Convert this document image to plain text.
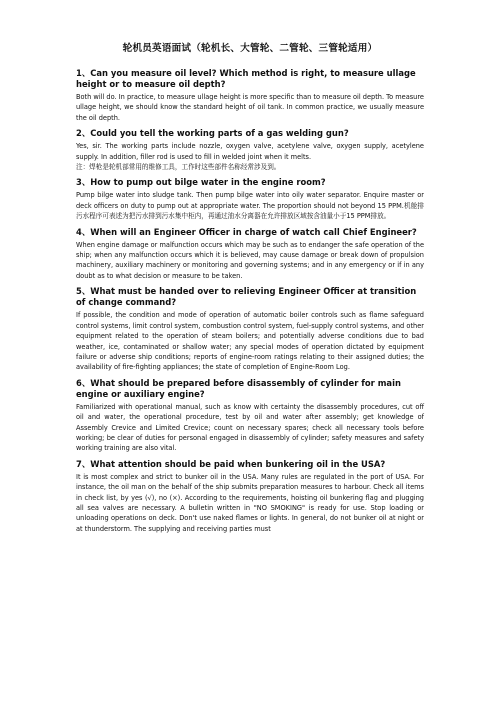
轮机员英语面试（轮机长、大管轮、二管轮、三管轮适用）
1、Can you measure oil level? Which method is right, to measure ullage height or to measure oil depth?
Both will do. In practice, to measure ullage height is more specific than to measure oil depth. To measure ullage height, we should know the standard height of oil tank. In common practice, we usually measure the oil depth.
2、Could you tell the working parts of a gas welding gun?
Yes, sir. The working parts include nozzle, oxygen valve, acetylene valve, oxygen supply, acetylene supply. In addition, filler rod is used to fill in welded joint when it melts.
注：焊枪是轮机部常用的维修工具，工作时这些部件名称经常涉及到。
3、How to pump out bilge water in the engine room?
Pump bilge water into sludge tank. Then pump bilge water into oily water separator. Enquire master or deck officers on duty to pump out at appropriate water. The proportion should not beyond 15 PPM.机舱排污水程序可表述为把污水排到污水集中柜内，再通过油水分离器在允许排放区域按含油量小于15 PPM排放。
4、When will an Engineer Officer in charge of watch call Chief Engineer?
When engine damage or malfunction occurs which may be such as to endanger the safe operation of the ship; when any malfunction occurs which it is believed, may cause damage or break down of propulsion machinery, auxiliary machinery or monitoring and governing systems; and in any emergency or if in any doubt as to what decision or measure to be taken.
5、What must be handed over to relieving Engineer Officer at transition of change command?
If possible, the condition and mode of operation of automatic boiler controls such as flame safeguard control systems, limit control system, combustion control system, fuel-supply control systems, and other equipment related to the operation of steam boilers; and potentially adverse conditions due to bad weather, ice, contaminated or shallow water; any special modes of operation dictated by equipment failure or adverse ship conditions; reports of engine-room ratings relating to their assigned duties; the availability of fire-fighting appliances; the state of completion of Engine-Room Log.
6、What should be prepared before disassembly of cylinder for main engine or auxiliary engine?
Familiarized with operational manual, such as know with certainty the disassembly procedures, cut off oil and water, the operational procedure, test by oil and water after assembly; get knowledge of Assembly Crevice and Limited Crevice; count on necessary spares; check all necessary tools before working; be clear of duties for personal engaged in disassembly of cylinder; safety measures and safety working training are also vital.
7、What attention should be paid when bunkering oil in the USA?
It is most complex and strict to bunker oil in the USA. Many rules are regulated in the port of USA. For instance, the oil man on the behalf of the ship submits preparation measures to harbour. Check all items in check list, by yes (√), no (×). According to the requirements, hoisting oil bunkering flag and plugging all sea valves are necessary. A bulletin written in "NO SMOKING" is ready for use. Stop loading or unloading operations on deck. Don't use naked flames or lights. In general, do not bunker oil at night or at thunderstorm. The supplying and receiving parties must
